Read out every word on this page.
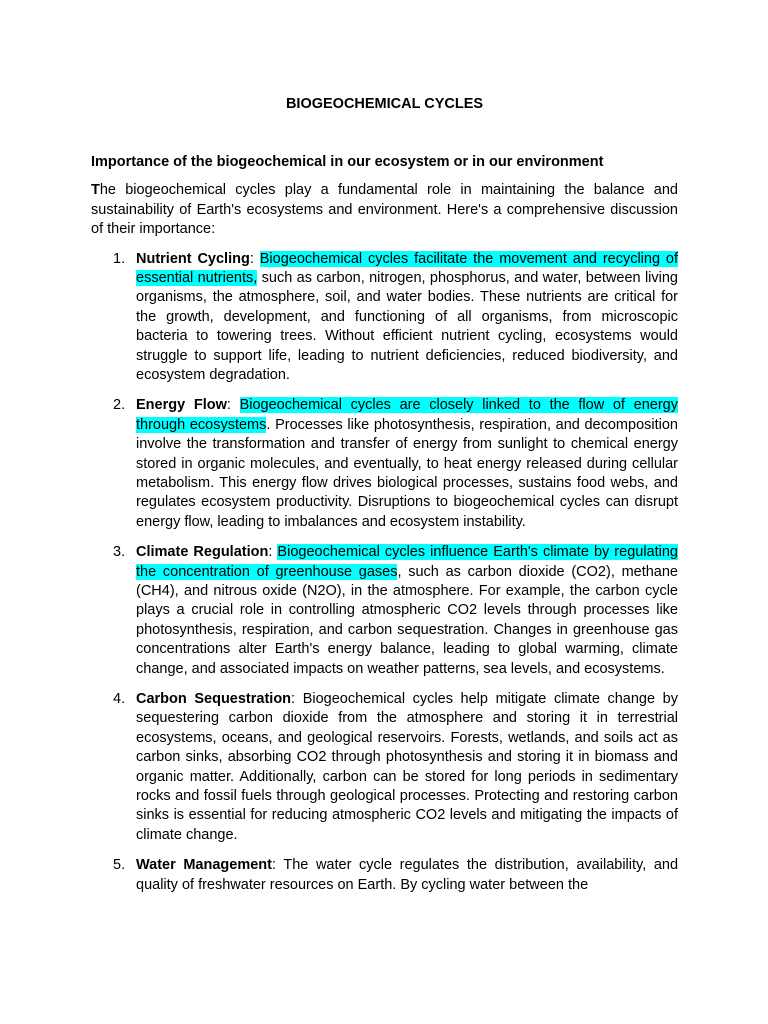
BIOGEOCHEMICAL CYCLES
Importance of the biogeochemical in our ecosystem or in our environment

The biogeochemical cycles play a fundamental role in maintaining the balance and sustainability of Earth's ecosystems and environment. Here's a comprehensive discussion of their importance:

1. Nutrient Cycling: Biogeochemical cycles facilitate the movement and recycling of essential nutrients, such as carbon, nitrogen, phosphorus, and water, between living organisms, the atmosphere, soil, and water bodies. These nutrients are critical for the growth, development, and functioning of all organisms, from microscopic bacteria to towering trees. Without efficient nutrient cycling, ecosystems would struggle to support life, leading to nutrient deficiencies, reduced biodiversity, and ecosystem degradation.
2. Energy Flow: Biogeochemical cycles are closely linked to the flow of energy through ecosystems. Processes like photosynthesis, respiration, and decomposition involve the transformation and transfer of energy from sunlight to chemical energy stored in organic molecules, and eventually, to heat energy released during cellular metabolism. This energy flow drives biological processes, sustains food webs, and regulates ecosystem productivity. Disruptions to biogeochemical cycles can disrupt energy flow, leading to imbalances and ecosystem instability.
3. Climate Regulation: Biogeochemical cycles influence Earth's climate by regulating the concentration of greenhouse gases, such as carbon dioxide (CO2), methane (CH4), and nitrous oxide (N2O), in the atmosphere. For example, the carbon cycle plays a crucial role in controlling atmospheric CO2 levels through processes like photosynthesis, respiration, and carbon sequestration. Changes in greenhouse gas concentrations alter Earth's energy balance, leading to global warming, climate change, and associated impacts on weather patterns, sea levels, and ecosystems.
4. Carbon Sequestration: Biogeochemical cycles help mitigate climate change by sequestering carbon dioxide from the atmosphere and storing it in terrestrial ecosystems, oceans, and geological reservoirs. Forests, wetlands, and soils act as carbon sinks, absorbing CO2 through photosynthesis and storing it in biomass and organic matter. Additionally, carbon can be stored for long periods in sedimentary rocks and fossil fuels through geological processes. Protecting and restoring carbon sinks is essential for reducing atmospheric CO2 levels and mitigating the impacts of climate change.
5. Water Management: The water cycle regulates the distribution, availability, and quality of freshwater resources on Earth. By cycling water between the
